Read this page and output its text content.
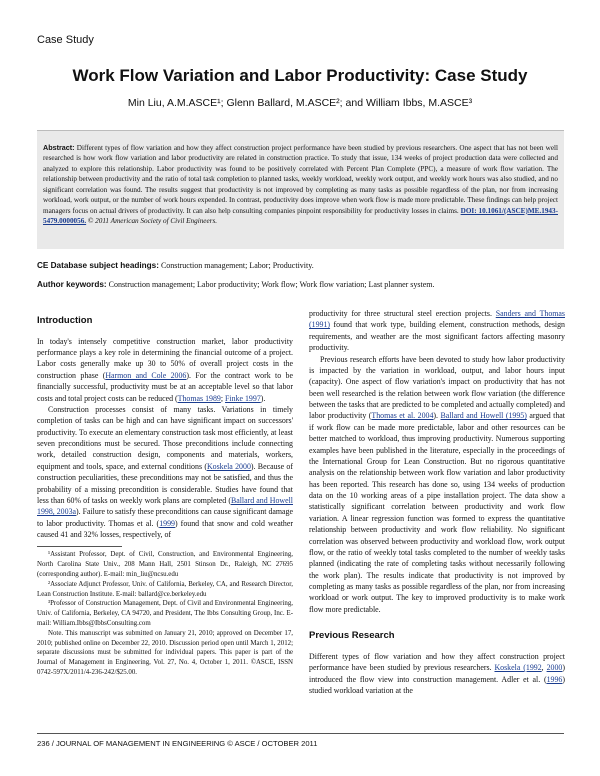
Case Study
Work Flow Variation and Labor Productivity: Case Study
Min Liu, A.M.ASCE¹; Glenn Ballard, M.ASCE²; and William Ibbs, M.ASCE³
Abstract: Different types of flow variation and how they affect construction project performance have been studied by previous researchers. One aspect that has not been well researched is how work flow variation and labor productivity are related in construction practice. To study that issue, 134 weeks of project production data were collected and analyzed to explore this relationship. Labor productivity was found to be positively correlated with Percent Plan Complete (PPC), a measure of work flow variation. The relationship between productivity and the ratio of total task completion to planned tasks, weekly workload, weekly work output, and weekly work hours was also studied, and no significant correlation was found. The results suggest that productivity is not improved by completing as many tasks as possible regardless of the plan, nor from increasing workload, work output, or the number of work hours expended. In contrast, productivity does improve when work flow is made more predictable. These findings can help project managers focus on actual drivers of productivity. It can also help consulting companies pinpoint responsibility for productivity losses in claims. DOI: 10.1061/(ASCE)ME.1943-5479.0000056. © 2011 American Society of Civil Engineers.
CE Database subject headings: Construction management; Labor; Productivity.
Author keywords: Construction management; Labor productivity; Work flow; Work flow variation; Last planner system.
Introduction

In today's intensely competitive construction market, labor productivity performance plays a key role in determining the financial outcome of a project. Labor costs generally make up 30 to 50% of overall project costs in the construction phase (Harmon and Cole 2006). For the contract work to be financially successful, productivity must be at an acceptable level so that labor costs and total project costs can be reduced (Thomas 1989; Finke 1997).

Construction processes consist of many tasks. Variations in timely completion of tasks can be high and can have significant impact on successors' productivity. To execute an elementary construction task most efficiently, at least seven preconditions must be secured. Those preconditions include connecting work, detailed construction design, components and materials, workers, equipment and tools, space, and external conditions (Koskela 2000). Because of construction peculiarities, these preconditions may not be satisfied, and thus the probability of a missing precondition is considerable. Studies have found that less than 60% of tasks on weekly work plans are completed (Ballard and Howell 1998, 2003a). Failure to satisfy these preconditions can cause significant damage to labor productivity. Thomas et al. (1999) found that snow and cold weather caused 41 and 32% losses, respectively, of

¹Assistant Professor, Dept. of Civil, Construction, and Environmental Engineering, North Carolina State Univ., 208 Mann Hall, 2501 Stinson Dr., Raleigh, NC 27695 (corresponding author). E-mail: min_liu@ncsu.edu

²Associate Adjunct Professor, Univ. of California, Berkeley, CA, and Research Director, Lean Construction Institute. E-mail: ballard@ce.berkeley.edu

³Professor of Construction Management, Dept. of Civil and Environmental Engineering, Univ. of California, Berkeley, CA 94720, and President, The Ibbs Consulting Group, Inc. E-mail: William.Ibbs@IbbsConsulting.com

Note. This manuscript was submitted on January 21, 2010; approved on December 17, 2010; published online on December 22, 2010. Discussion period open until March 1, 2012; separate discussions must be submitted for individual papers. This paper is part of the Journal of Management in Engineering, Vol. 27, No. 4, October 1, 2011. ©ASCE, ISSN 0742-597X/2011/4-236-242/$25.00.

productivity for three structural steel erection projects. Sanders and Thomas (1991) found that work type, building element, construction methods, design requirements, and weather are the most significant factors affecting masonry productivity.

Previous research efforts have been devoted to study how labor productivity is impacted by the variation in workload, output, and labor hours input (capacity). One aspect of flow variation's impact on productivity that has not been well researched is the relation between work flow variation (the difference between the tasks that are predicted to be completed and actually completed) and labor productivity (Thomas et al. 2004). Ballard and Howell (1995) argued that if work flow can be made more predictable, labor and other resources can be better matched to workload, thus improving productivity. Numerous supporting examples have been published in the literature, especially in the proceedings of the International Group for Lean Construction. But no rigorous quantitative analysis on the relationship between work flow variation and labor productivity has been reported. This research has done so, using 134 weeks of production data on the 10 working areas of a pipe installation project. The data show a statistically significant correlation between productivity and work flow variation. A linear regression function was formed to express the quantitative relationship between productivity and work flow reliability. No significant correlation was observed between productivity and workload flow, work output flow, or the ratio of weekly total tasks completed to the number of weekly tasks planned (indicating the rate of completing tasks without necessarily following the work plan). The results indicate that productivity is not improved by completing as many tasks as possible regardless of the plan, nor from increasing workload or work output. The key to improved productivity is to make work flow more predictable.

Previous Research

Different types of flow variation and how they affect construction project performance have been studied by previous researchers. Koskela (1992, 2000) introduced the flow view into construction management. Adler et al. (1996) studied workload variation at the

236 / JOURNAL OF MANAGEMENT IN ENGINEERING © ASCE / OCTOBER 2011
